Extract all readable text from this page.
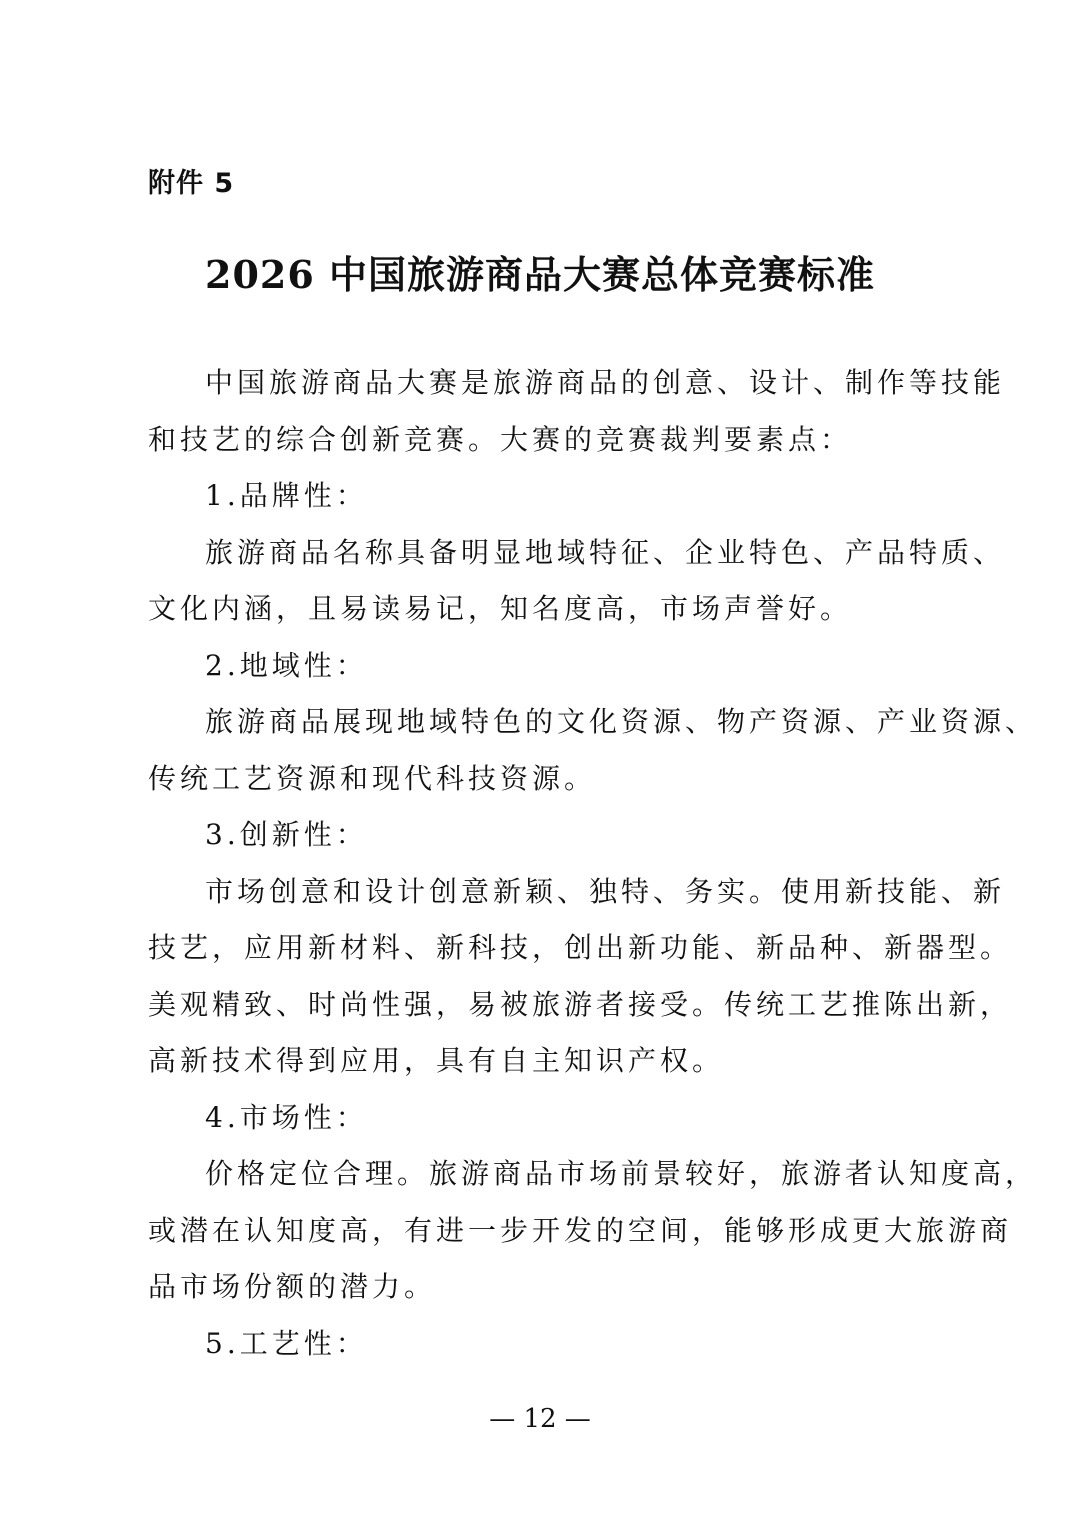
附件 5
2026 中国旅游商品大赛总体竞赛标准
中国旅游商品大赛是旅游商品的创意、设计、制作等技能
和技艺的综合创新竞赛。大赛的竞赛裁判要素点：
1.品牌性：
旅游商品名称具备明显地域特征、企业特色、产品特质、
文化内涵，且易读易记，知名度高，市场声誉好。
2.地域性：
旅游商品展现地域特色的文化资源、物产资源、产业资源、
传统工艺资源和现代科技资源。
3.创新性：
市场创意和设计创意新颖、独特、务实。使用新技能、新
技艺，应用新材料、新科技，创出新功能、新品种、新器型。
美观精致、时尚性强，易被旅游者接受。传统工艺推陈出新，
高新技术得到应用，具有自主知识产权。
4.市场性：
价格定位合理。旅游商品市场前景较好，旅游者认知度高，
或潜在认知度高，有进一步开发的空间，能够形成更大旅游商
品市场份额的潜力。
5.工艺性：
— 12 —
